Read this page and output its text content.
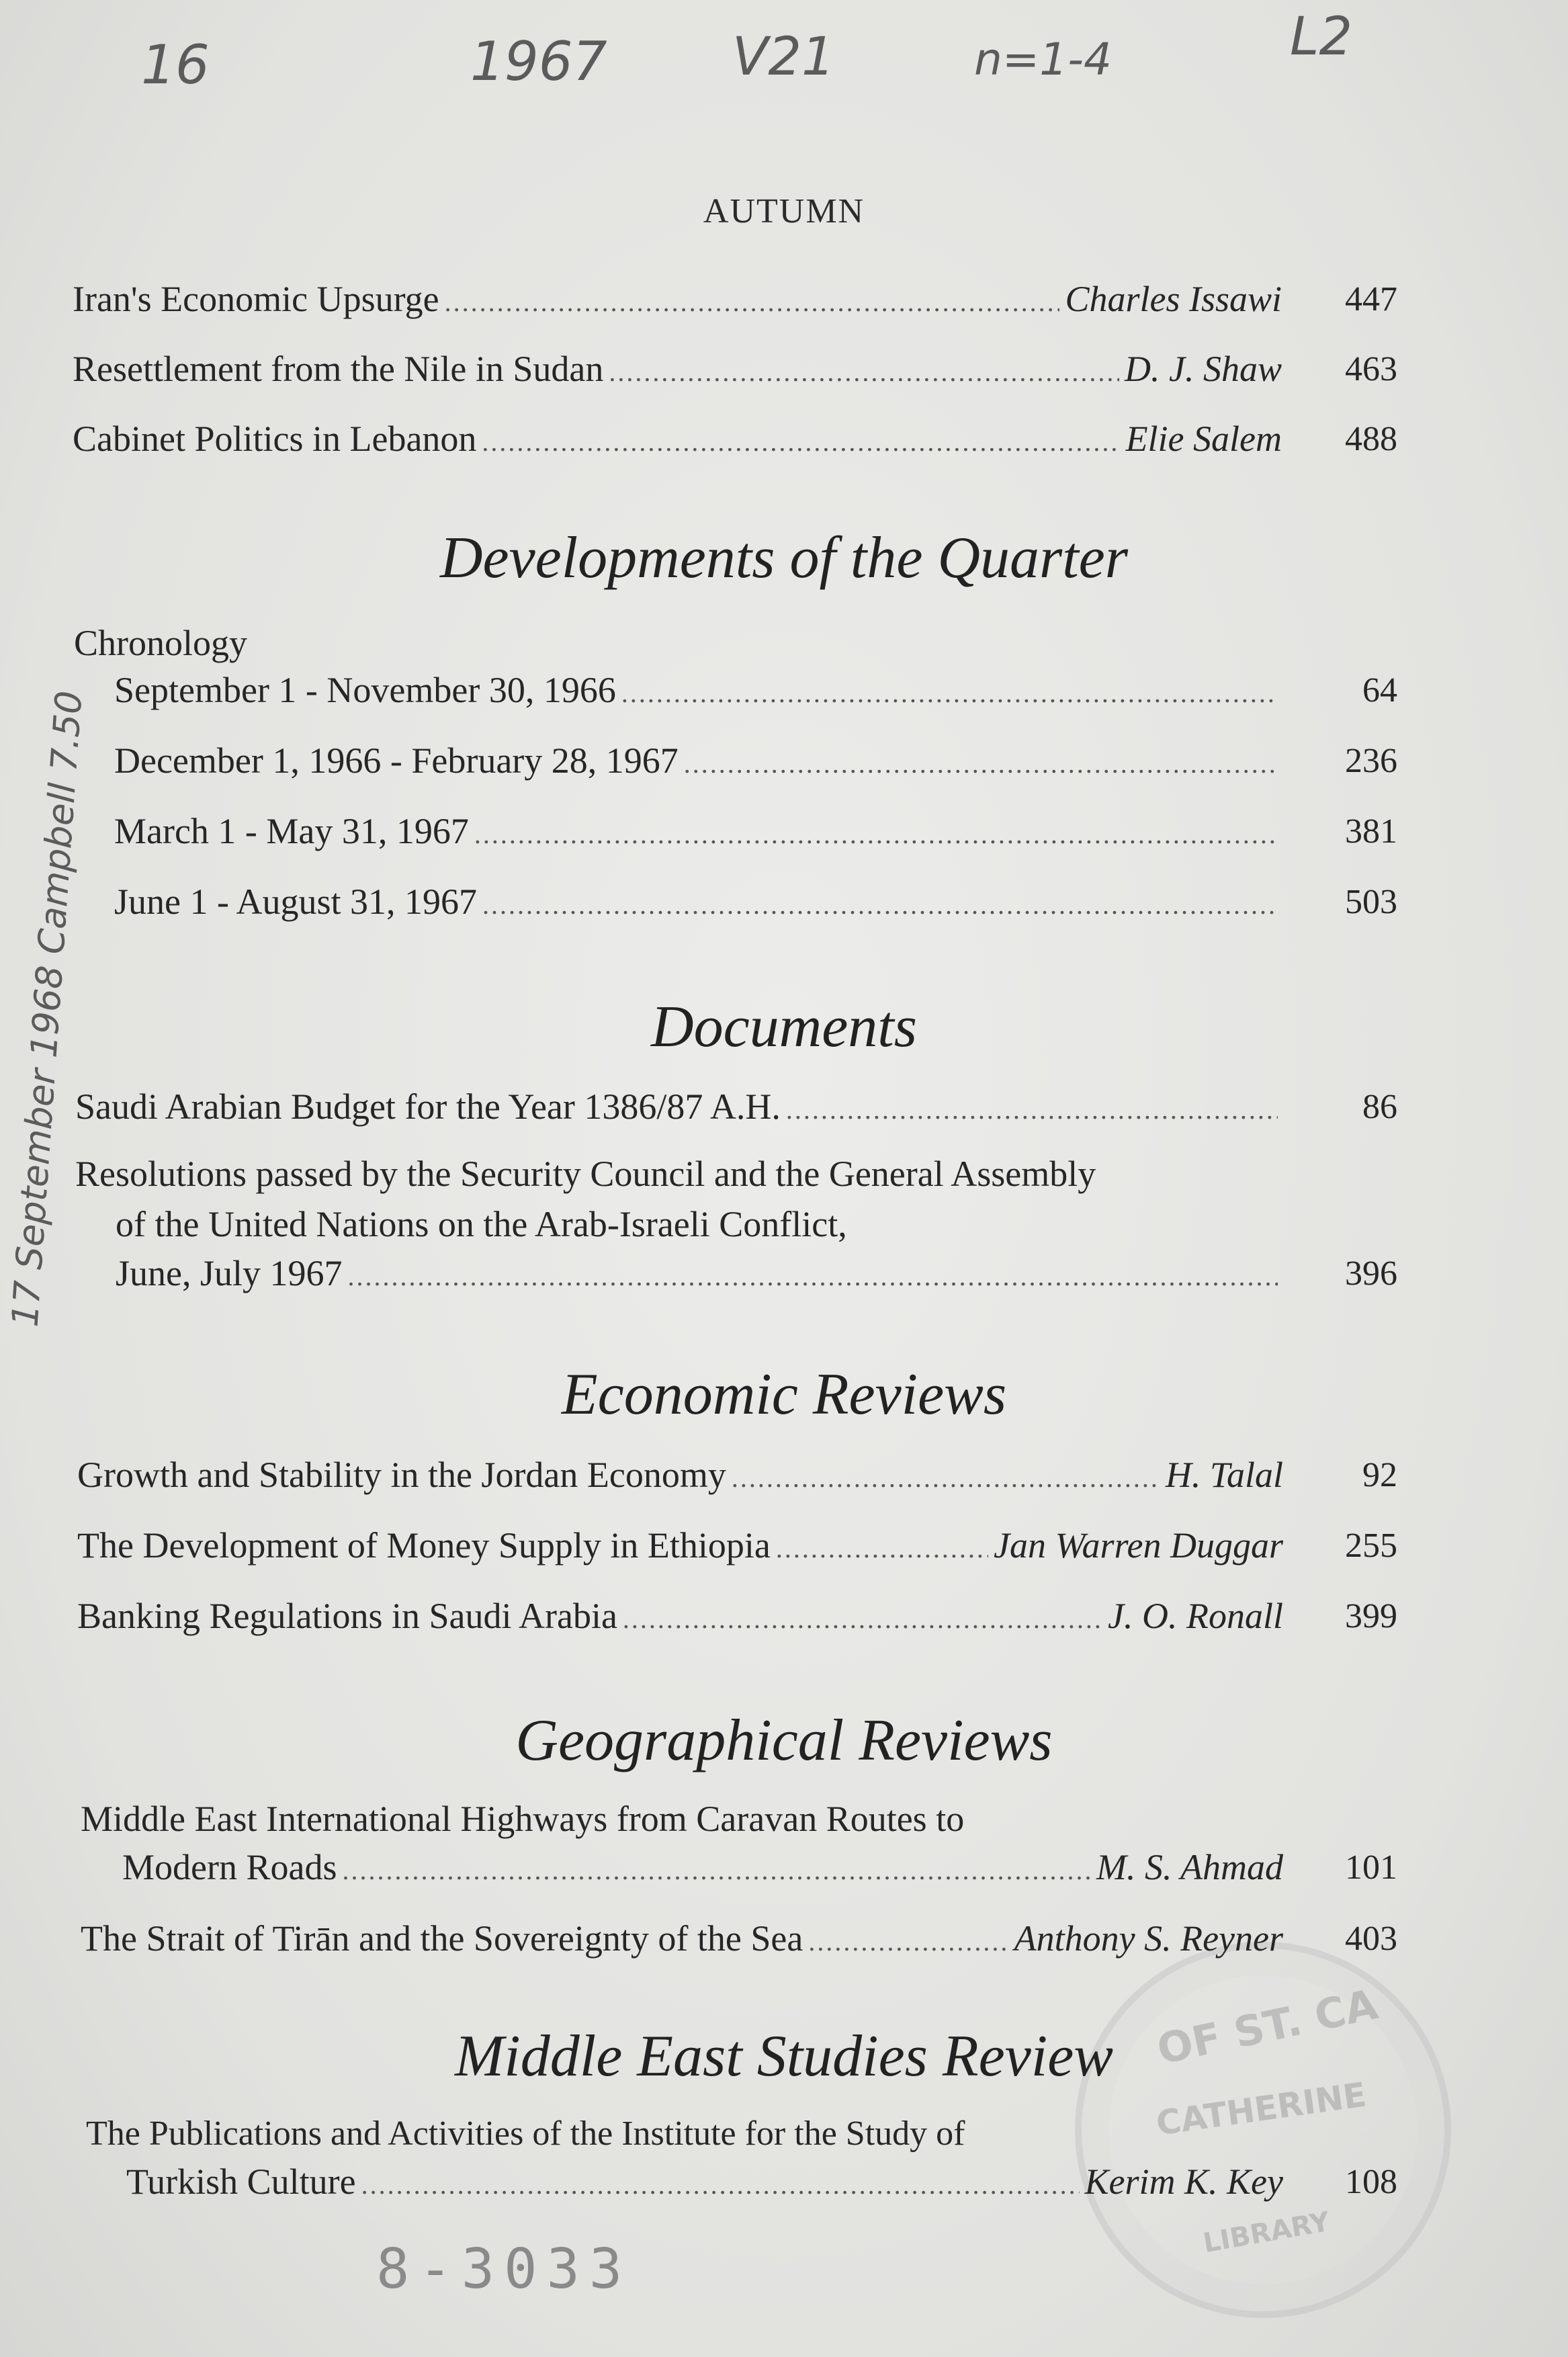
16	1967 V21	n=1-4	L2
17 September 1968 Campbell 7.50
8-3033
OF ST. CA
CATHERINE
LIBRARY
AUTUMN
Iran's Economic Upsurge .....	Charles Issawi	447
Resettlement from the Nile in Sudan .....	D. J. Shaw	463
Cabinet Politics in Lebanon .....	Elie Salem	488
Developments of the Quarter
Chronology
September 1 - November 30, 1966 .....	64
December 1, 1966 - February 28, 1967 .....	236
March 1 - May 31, 1967 .....	381
June 1 - August 31, 1967 .....	503
Documents
Saudi Arabian Budget for the Year 1386/87 A.H. .....	86
Resolutions passed by the Security Council and the General Assembly
of the United Nations on the Arab-Israeli Conflict,
June, July 1967 .....	396
Economic Reviews
Growth and Stability in the Jordan Economy .....	H. Talal	92
The Development of Money Supply in Ethiopia .....	Jan Warren Duggar	255
Banking Regulations in Saudi Arabia .....	J. O. Ronall	399
Geographical Reviews
Middle East International Highways from Caravan Routes to
Modern Roads .....	M. S. Ahmad	101
The Strait of Tirān and the Sovereignty of the Sea .....	Anthony S. Reyner	403
Middle East Studies Review
The Publications and Activities of the Institute for the Study of
Turkish Culture .....	Kerim K. Key	108
